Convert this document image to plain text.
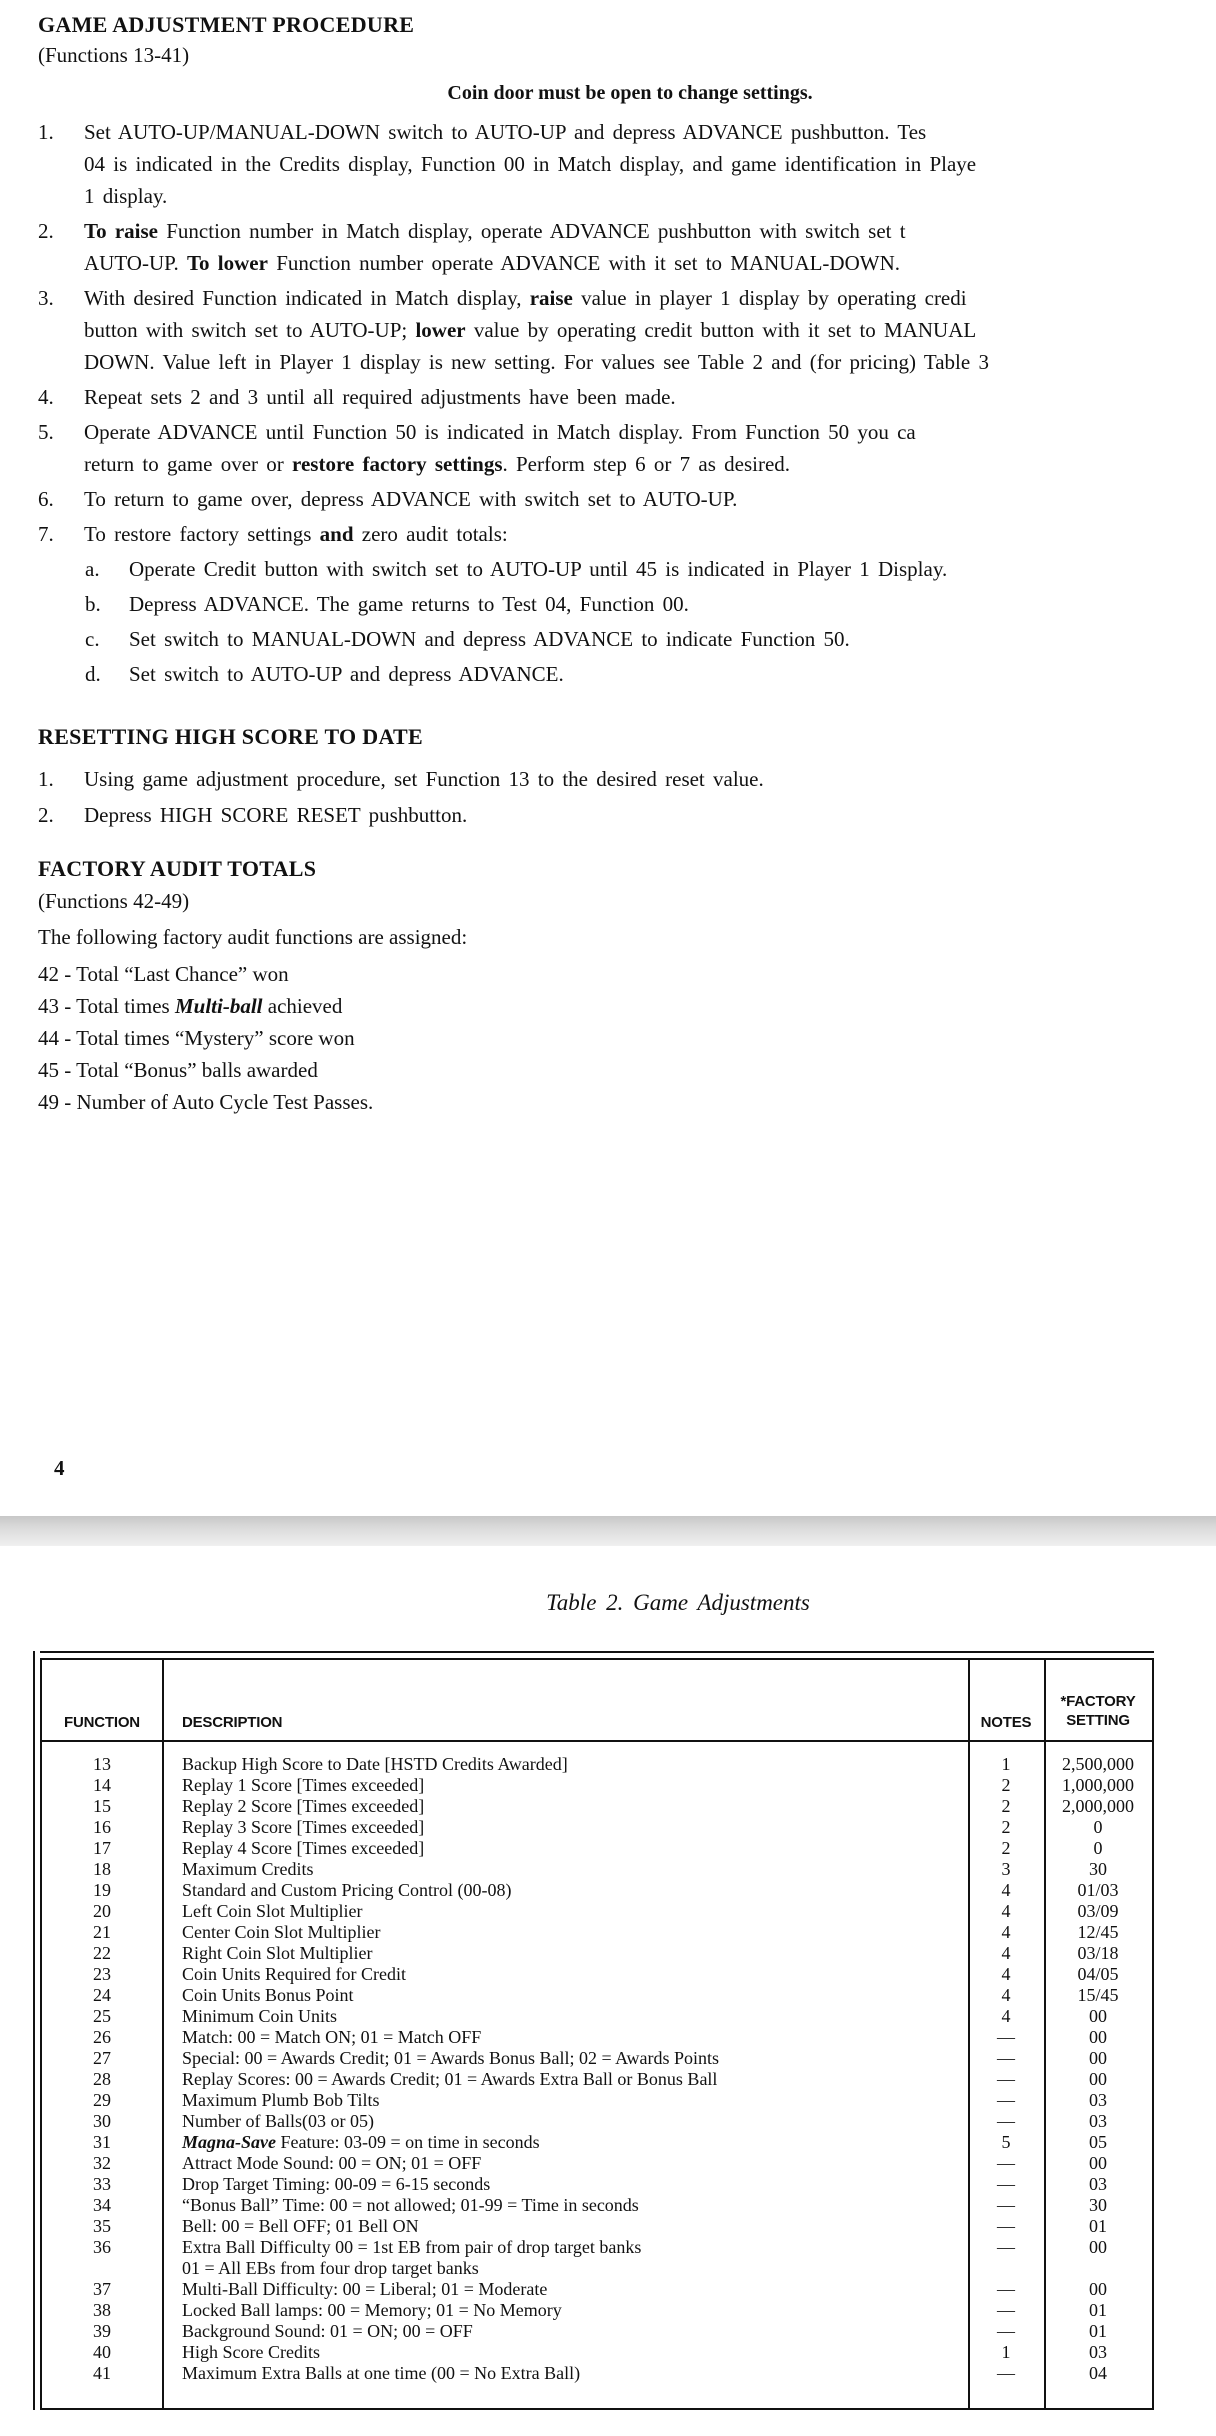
GAME ADJUSTMENT PROCEDURE
(Functions 13-41)
Coin door must be open to change settings.
1.	Set AUTO-UP/MANUAL-DOWN switch to AUTO-UP and depress ADVANCE pushbutton. Tes
04 is indicated in the Credits display, Function 00 in Match display, and game identification in Playe
1 display.
2.	To raise Function number in Match display, operate ADVANCE pushbutton with switch set t
AUTO-UP. To lower Function number operate ADVANCE with it set to MANUAL-DOWN.
3.	With desired Function indicated in Match display, raise value in player 1 display by operating credi
button with switch set to AUTO-UP; lower value by operating credit button with it set to MANUAL
DOWN. Value left in Player 1 display is new setting. For values see Table 2 and (for pricing) Table 3
4.	Repeat sets 2 and 3 until all required adjustments have been made.
5.	Operate ADVANCE until Function 50 is indicated in Match display. From Function 50 you ca
return to game over or restore factory settings. Perform step 6 or 7 as desired.
6.	To return to game over, depress ADVANCE with switch set to AUTO-UP.
7.	To restore factory settings and zero audit totals:
a.	Operate Credit button with switch set to AUTO-UP until 45 is indicated in Player 1 Display.
b.	Depress ADVANCE. The game returns to Test 04, Function 00.
c.	Set switch to MANUAL-DOWN and depress ADVANCE to indicate Function 50.
d.	Set switch to AUTO-UP and depress ADVANCE.
RESETTING HIGH SCORE TO DATE
1.	Using game adjustment procedure, set Function 13 to the desired reset value.
2.	Depress HIGH SCORE RESET pushbutton.
FACTORY AUDIT TOTALS
(Functions 42-49)
The following factory audit functions are assigned:
42 - Total “Last Chance” won
43 - Total times Multi-ball achieved
44 - Total times “Mystery” score won
45 - Total “Bonus” balls awarded
49 - Number of Auto Cycle Test Passes.
4
Table 2. Game Adjustments
FUNCTION	DESCRIPTION	NOTES
*FACTORY
SETTING
13	Backup High Score to Date [HSTD Credits Awarded]	1	2,500,000
14	Replay 1 Score [Times exceeded]	2	1,000,000
15	Replay 2 Score [Times exceeded]	2	2,000,000
16	Replay 3 Score [Times exceeded]	2	0
17	Replay 4 Score [Times exceeded]	2	0
18	Maximum Credits	3	30
19	Standard and Custom Pricing Control (00-08)	4	01/03
20	Left Coin Slot Multiplier	4	03/09
21	Center Coin Slot Multiplier	4	12/45
22	Right Coin Slot Multiplier	4	03/18
23	Coin Units Required for Credit	4	04/05
24	Coin Units Bonus Point	4	15/45
25	Minimum Coin Units	4	00
26	Match: 00 = Match ON; 01 = Match OFF	—	00
27	Special: 00 = Awards Credit; 01 = Awards Bonus Ball; 02 = Awards Points	—	00
28	Replay Scores: 00 = Awards Credit; 01 = Awards Extra Ball or Bonus Ball	—	00
29	Maximum Plumb Bob Tilts	—	03
30	Number of Balls(03 or 05)	—	03
31	Magna-Save Feature: 03-09 = on time in seconds	5	05
32	Attract Mode Sound: 00 = ON; 01 = OFF	—	00
33	Drop Target Timing: 00-09 = 6-15 seconds	—	03
34	“Bonus Ball” Time: 00 = not allowed; 01-99 = Time in seconds	—	30
35	Bell: 00 = Bell OFF; 01 Bell ON	—	01
36	Extra Ball Difficulty 00 = 1st EB from pair of drop target banks	—	00
01 = All EBs from four drop target banks
37	Multi-Ball Difficulty: 00 = Liberal; 01 = Moderate	—	00
38	Locked Ball lamps: 00 = Memory; 01 = No Memory	—	01
39	Background Sound: 01 = ON; 00 = OFF	—	01
40	High Score Credits	1	03
41	Maximum Extra Balls at one time (00 = No Extra Ball)	—	04
